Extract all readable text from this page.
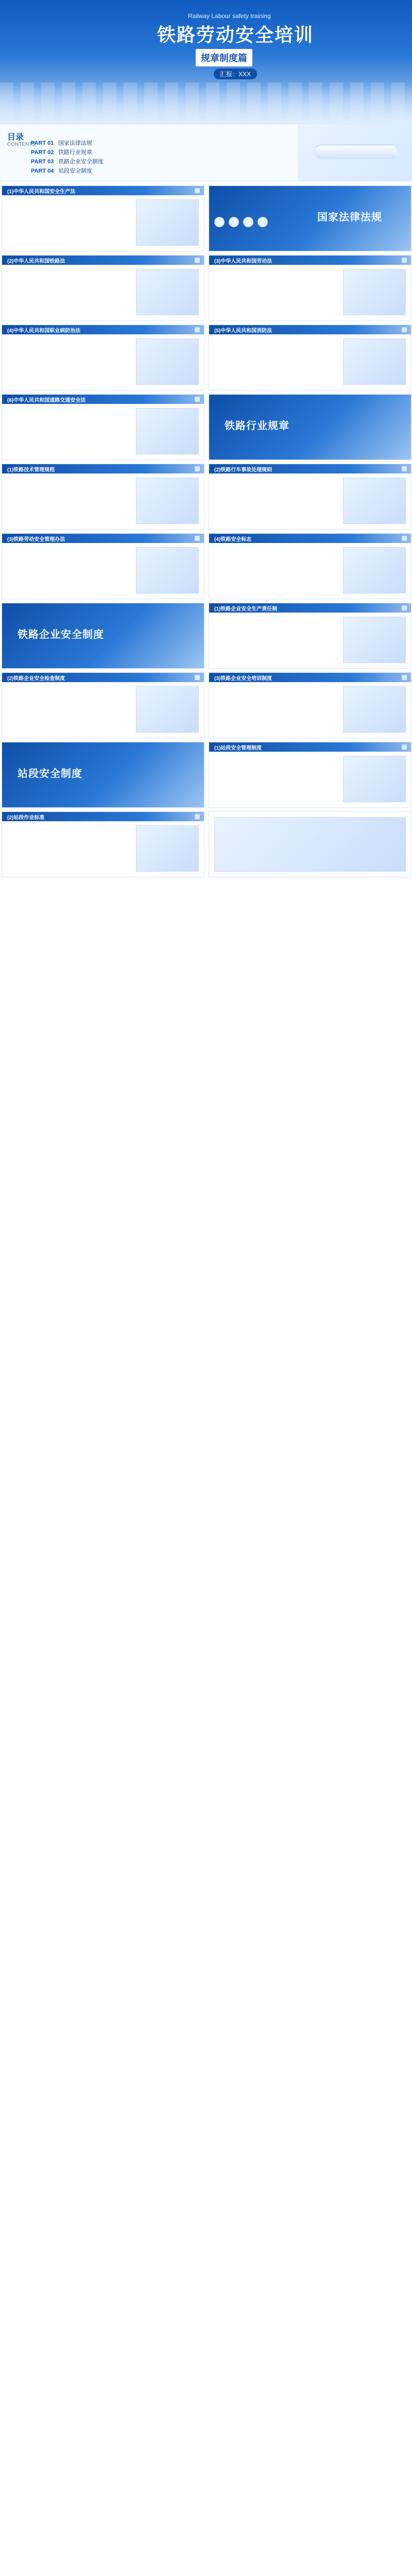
Railway Labour safety training
铁路劳动安全培训
规章制度篇
汇报：XXX
目录
CONTENTS
PART 01 国家法律法规
PART 02 铁路行业规章
PART 03 铁路企业安全制度
PART 04 站段安全制度
(1)中华人民共和国安全生产法
国家法律法规
(2)中华人民共和国铁路法	(3)中华人民共和国劳动法
(4)中华人民共和国职业病防治法	(5)中华人民共和国消防法
(6)中华人民共和国道路交通安全法
铁路行业规章
(1)铁路技术管理规程	(2)铁路行车事故处理规则
(3)铁路劳动安全管理办法	(4)铁路安全标志
铁路企业安全制度
(1)铁路企业安全生产责任制
(2)铁路企业安全检查制度	(3)铁路企业安全培训制度
站段安全制度
(1)站段安全管理制度
(2)站段作业标准
